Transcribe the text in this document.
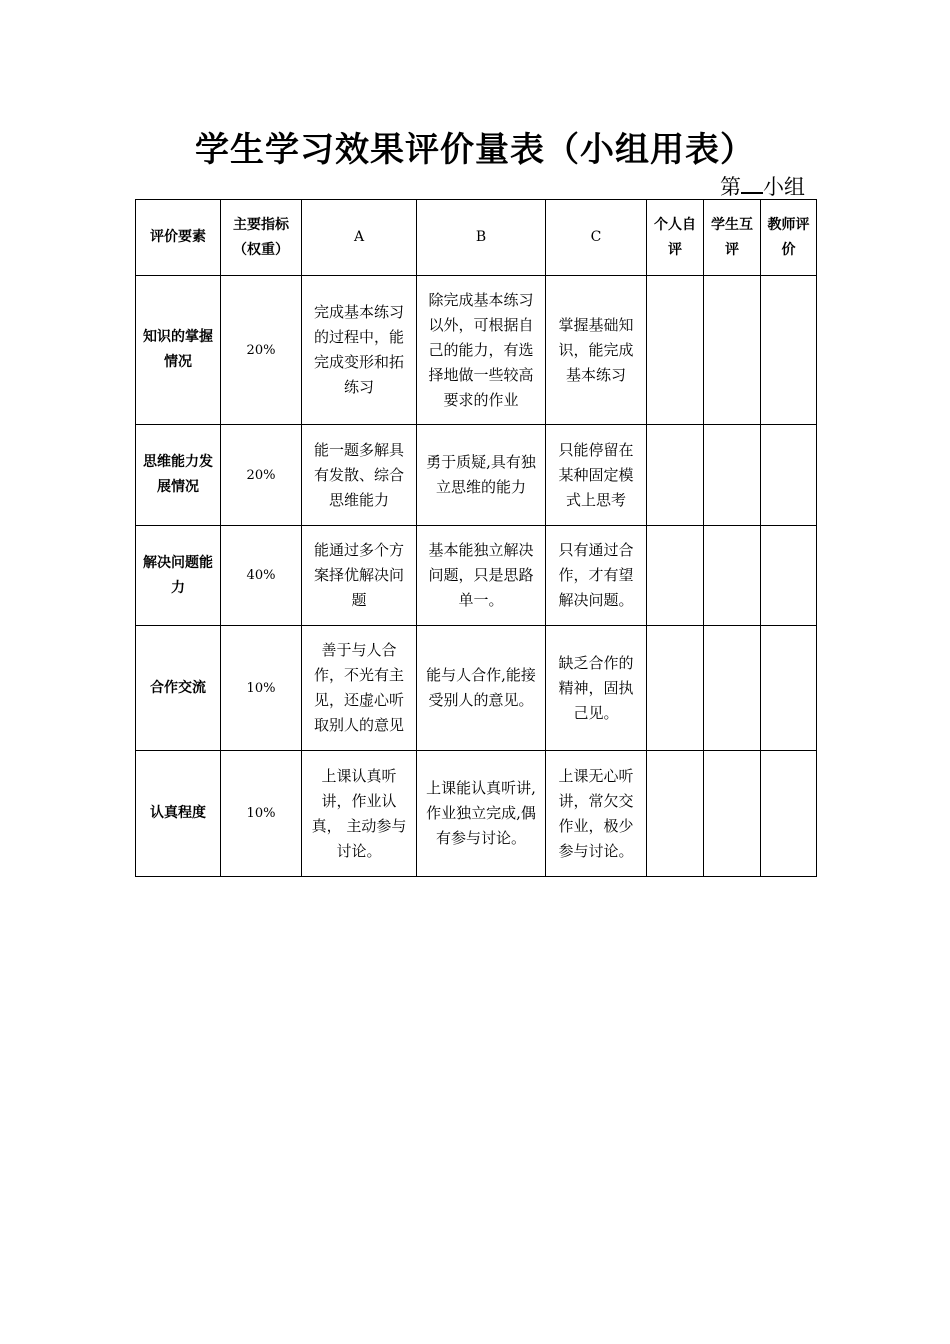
学生学习效果评价量表（小组用表）
第 小组
评价要素	主要指标（权重）	A	B	C	个人自评	学生互评	教师评价
知识的掌握情况	20%	完成基本练习的过程中，能完成变形和拓练习	除完成基本练习以外，可根据自己的能力，有选择地做一些较高要求的作业	掌握基础知识，能完成基本练习			
思维能力发展情况	20%	能一题多解具有发散、综合思维能力	勇于质疑,具有独立思维的能力	只能停留在某种固定模式上思考			
解决问题能力	40%	能通过多个方案择优解决问题	基本能独立解决问题，只是思路单一。	只有通过合作，才有望解决问题。			
合作交流	10%	善于与人合作，不光有主见，还虚心听取别人的意见	能与人合作,能接受别人的意见。	缺乏合作的精神，固执己见。			
认真程度	10%	上课认真听讲，作业认真， 主动参与讨论。	上课能认真听讲,作业独立完成,偶有参与讨论。	上课无心听讲，常欠交作业，极少参与讨论。			
